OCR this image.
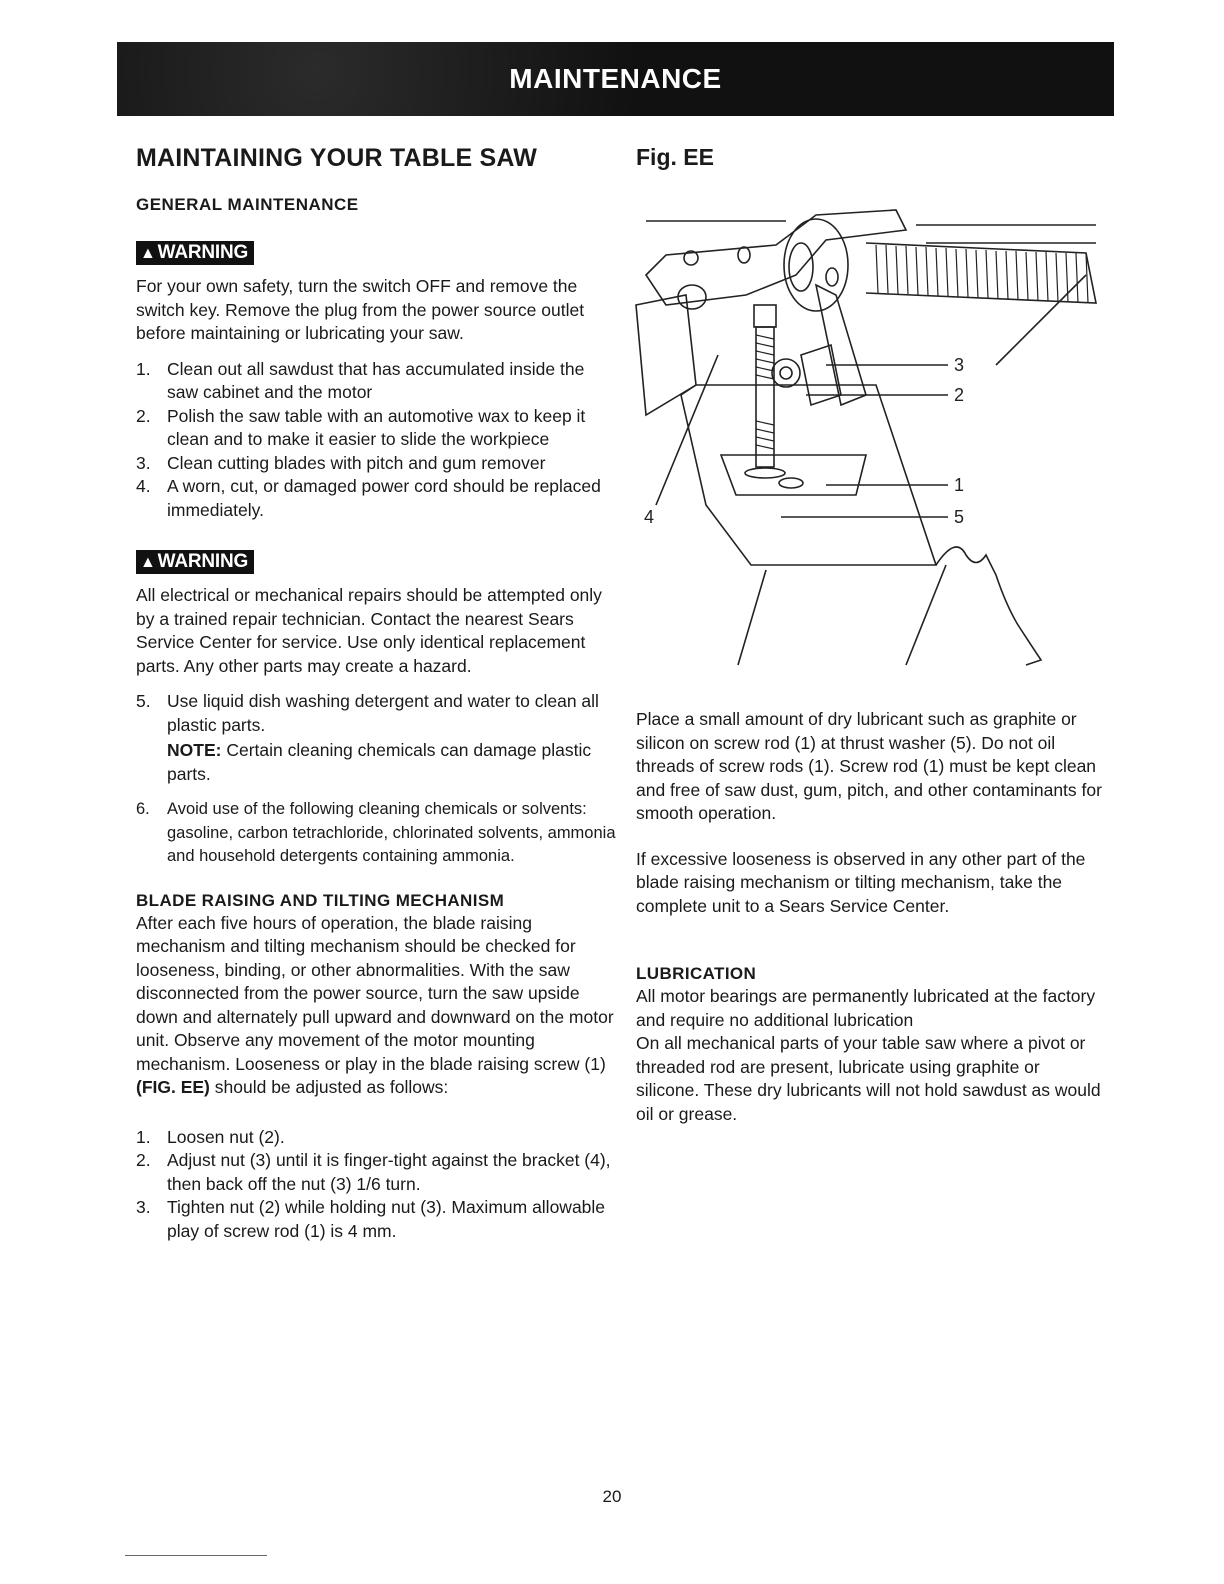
MAINTENANCE
MAINTAINING YOUR TABLE SAW
GENERAL MAINTENANCE
▲ WARNING

For your own safety, turn the switch OFF and remove the switch key. Remove the plug from the power source outlet before maintaining or lubricating your saw.

1. Clean out all sawdust that has accumulated inside the saw cabinet and the motor
2. Polish the saw table with an automotive wax to keep it clean and to make it easier to slide the workpiece
3. Clean cutting blades with pitch and gum remover
4. A worn, cut, or damaged power cord should be replaced immediately.
▲ WARNING

All electrical or mechanical repairs should be attempted only by a trained repair technician. Contact the nearest Sears Service Center for service. Use only identical replacement parts. Any other parts may create a hazard.

5. Use liquid dish washing detergent and water to clean all plastic parts.

NOTE: Certain cleaning chemicals can damage plastic parts.

6. Avoid use of the following cleaning chemicals or solvents: gasoline, carbon tetrachloride, chlorinated solvents, ammonia and household detergents containing ammonia.
BLADE RAISING AND TILTING MECHANISM

After each five hours of operation, the blade raising mechanism and tilting mechanism should be checked for looseness, binding, or other abnormalities. With the saw disconnected from the power source, turn the saw upside down and alternately pull upward and downward on the motor unit. Observe any movement of the motor mounting mechanism. Looseness or play in the blade raising screw (1) (FIG. EE) should be adjusted as follows:

1. Loosen nut (2).
2. Adjust nut (3) until it is finger-tight against the bracket (4), then back off the nut (3) 1/6 turn.
3. Tighten nut (2) while holding nut (3). Maximum allowable play of screw rod (1) is 4 mm.
Fig. EE
3
2
1
5
4

Place a small amount of dry lubricant such as graphite or silicon on screw rod (1) at thrust washer (5). Do not oil threads of screw rods (1). Screw rod (1) must be kept clean and free of saw dust, gum, pitch, and other contaminants for smooth operation.

If excessive looseness is observed in any other part of the blade raising mechanism or tilting mechanism, take the complete unit to a Sears Service Center.

LUBRICATION

All motor bearings are permanently lubricated at the factory and require no additional lubrication

On all mechanical parts of your table saw where a pivot or threaded rod are present, lubricate using graphite or silicone. These dry lubricants will not hold sawdust as would oil or grease.

20
